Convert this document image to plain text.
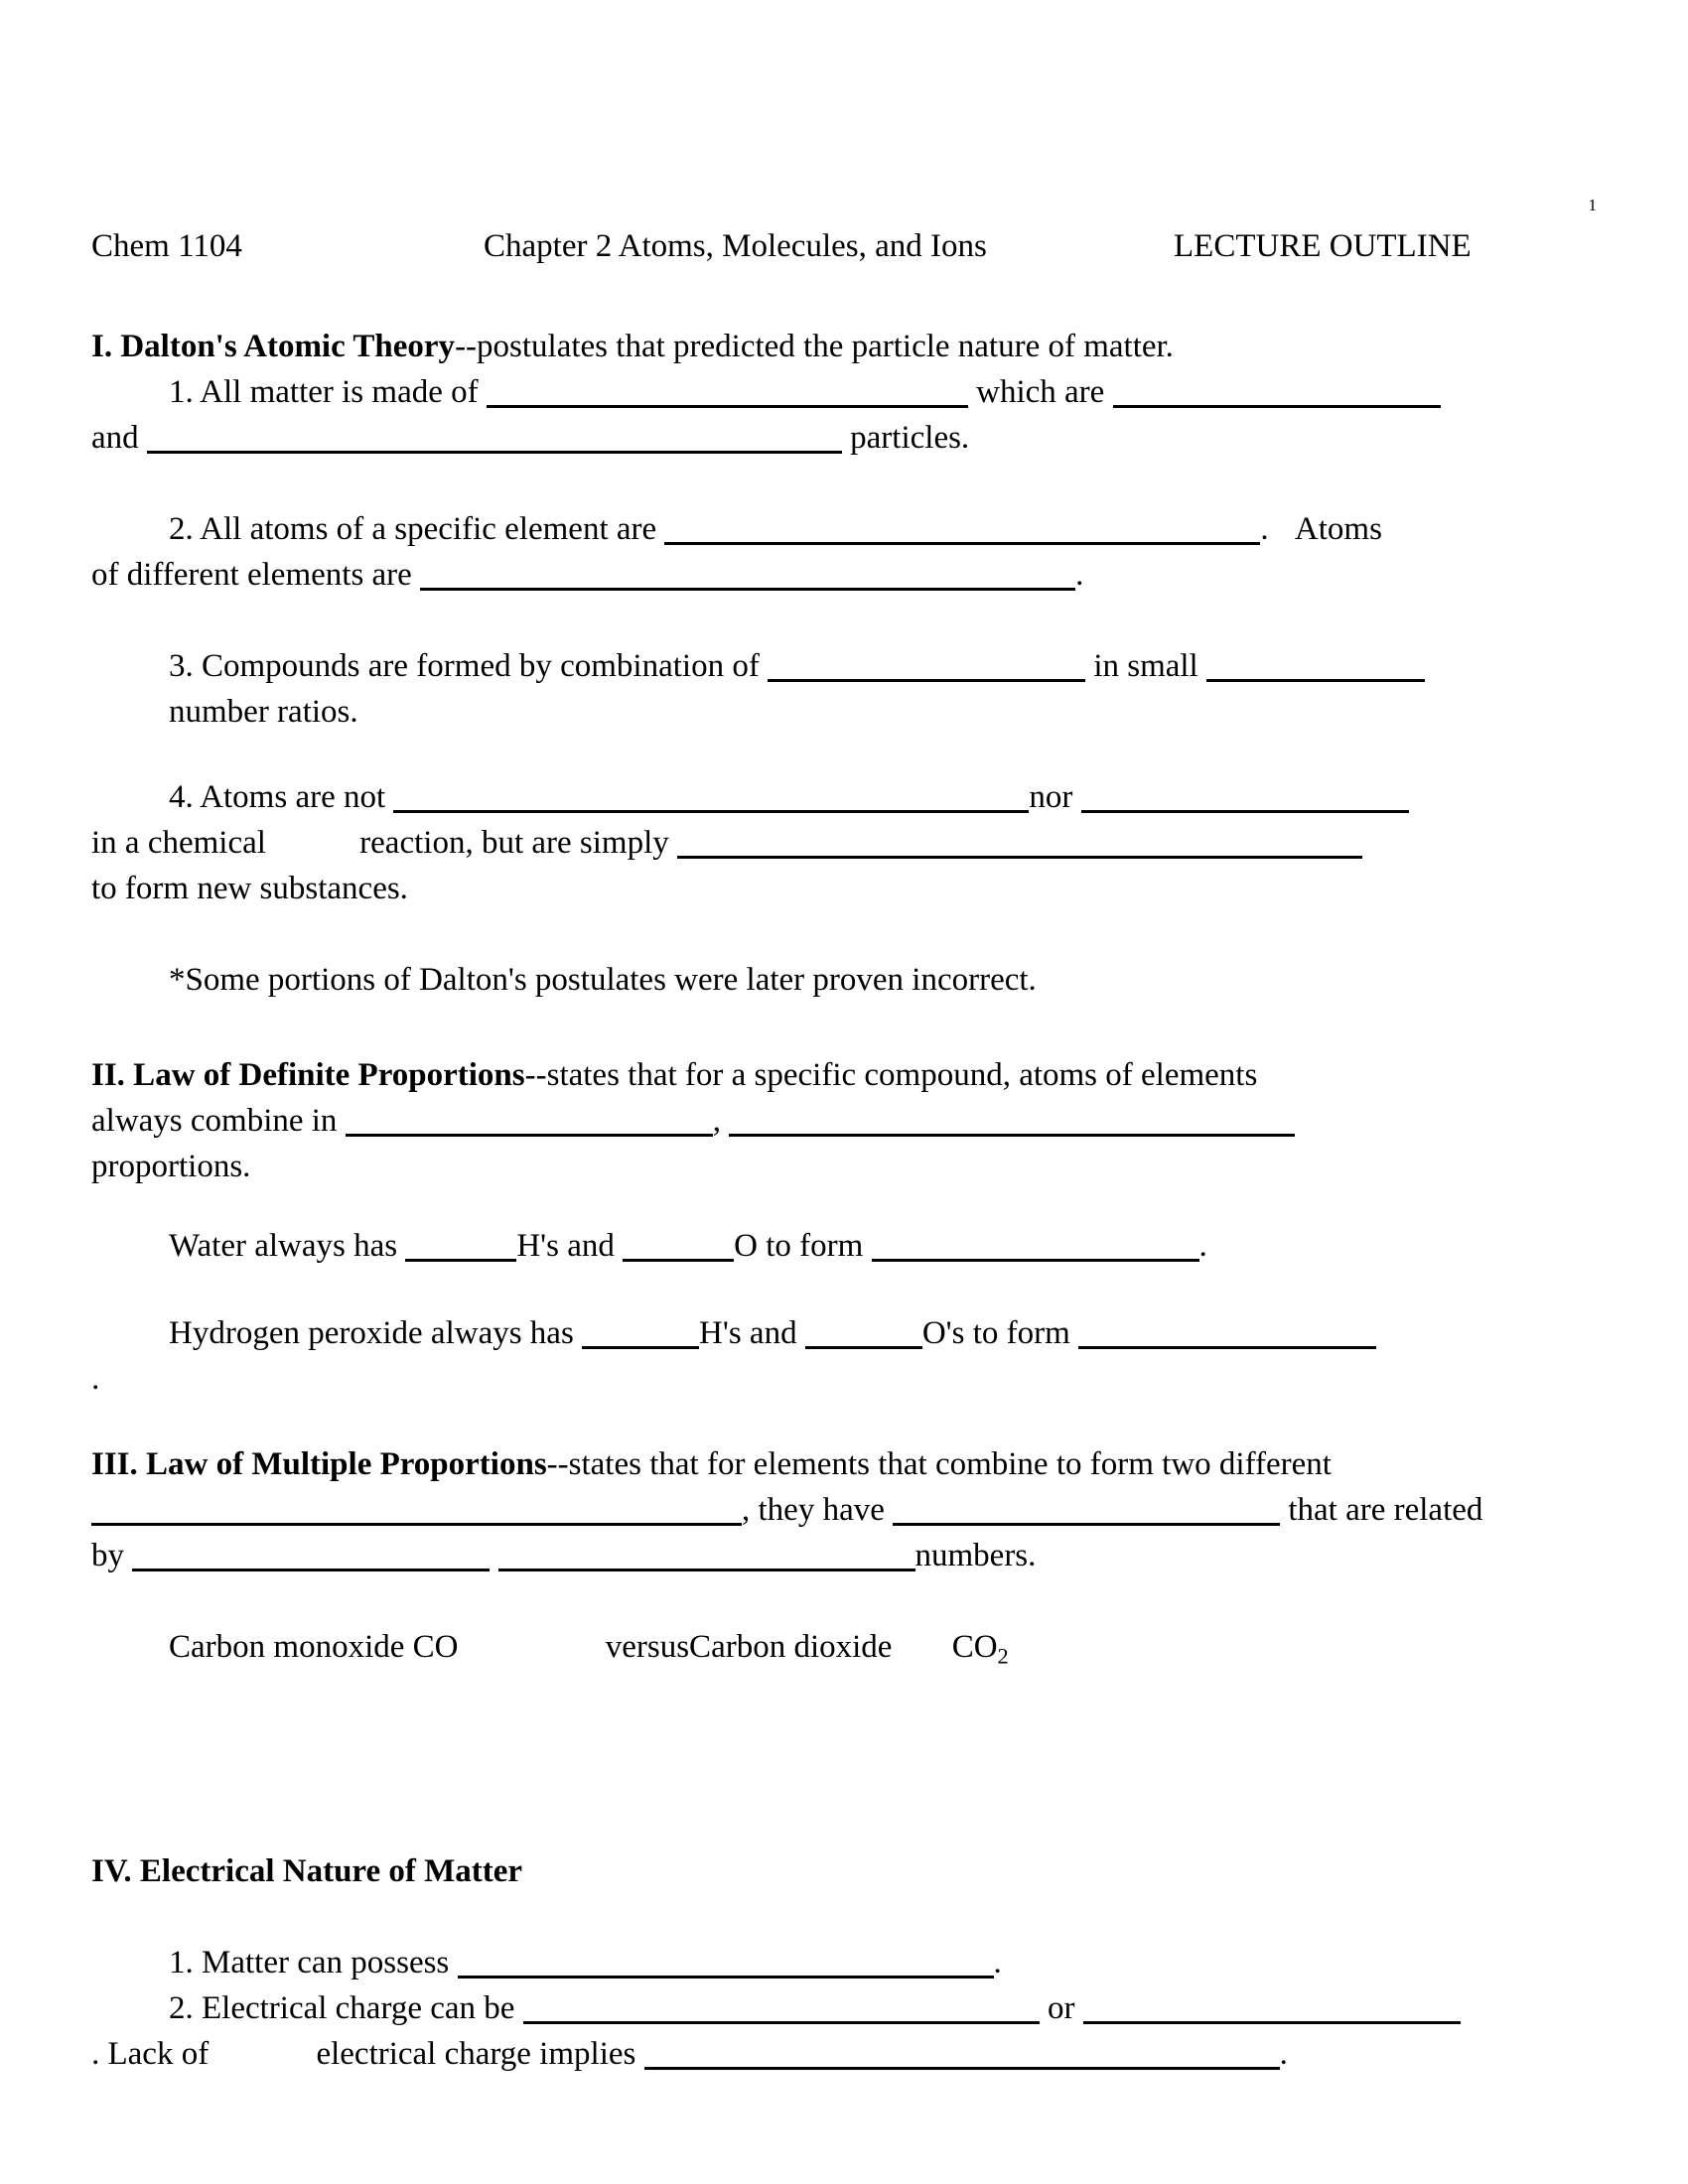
1
Chem 1104	Chapter 2 Atoms, Molecules, and Ions	LECTURE OUTLINE
I. Dalton's Atomic Theory--postulates that predicted the particle nature of matter.
1. All matter is made of	which are
and	particles.
2. All atoms of a specific element are	. Atoms
of different elements are	.
3. Compounds are formed by combination of	in small
number ratios.
4. Atoms are not	nor
in a chemical	reaction, but are simply
to form new substances.
*Some portions of Dalton's postulates were later proven incorrect.
II. Law of Definite Proportions--states that for a specific compound, atoms of elements
always combine in	,
proportions.
Water always has	H's and	O to form	.
Hydrogen peroxide always has	H's and	O's to form
.
III. Law of Multiple Proportions--states that for elements that combine to form two different
, they have	that are related
by	numbers.
Carbon monoxide CO	versusCarbon dioxide $CO_2$
IV. Electrical Nature of Matter
1. Matter can possess	.
2. Electrical charge can be	or
. Lack of	electrical charge implies	.
